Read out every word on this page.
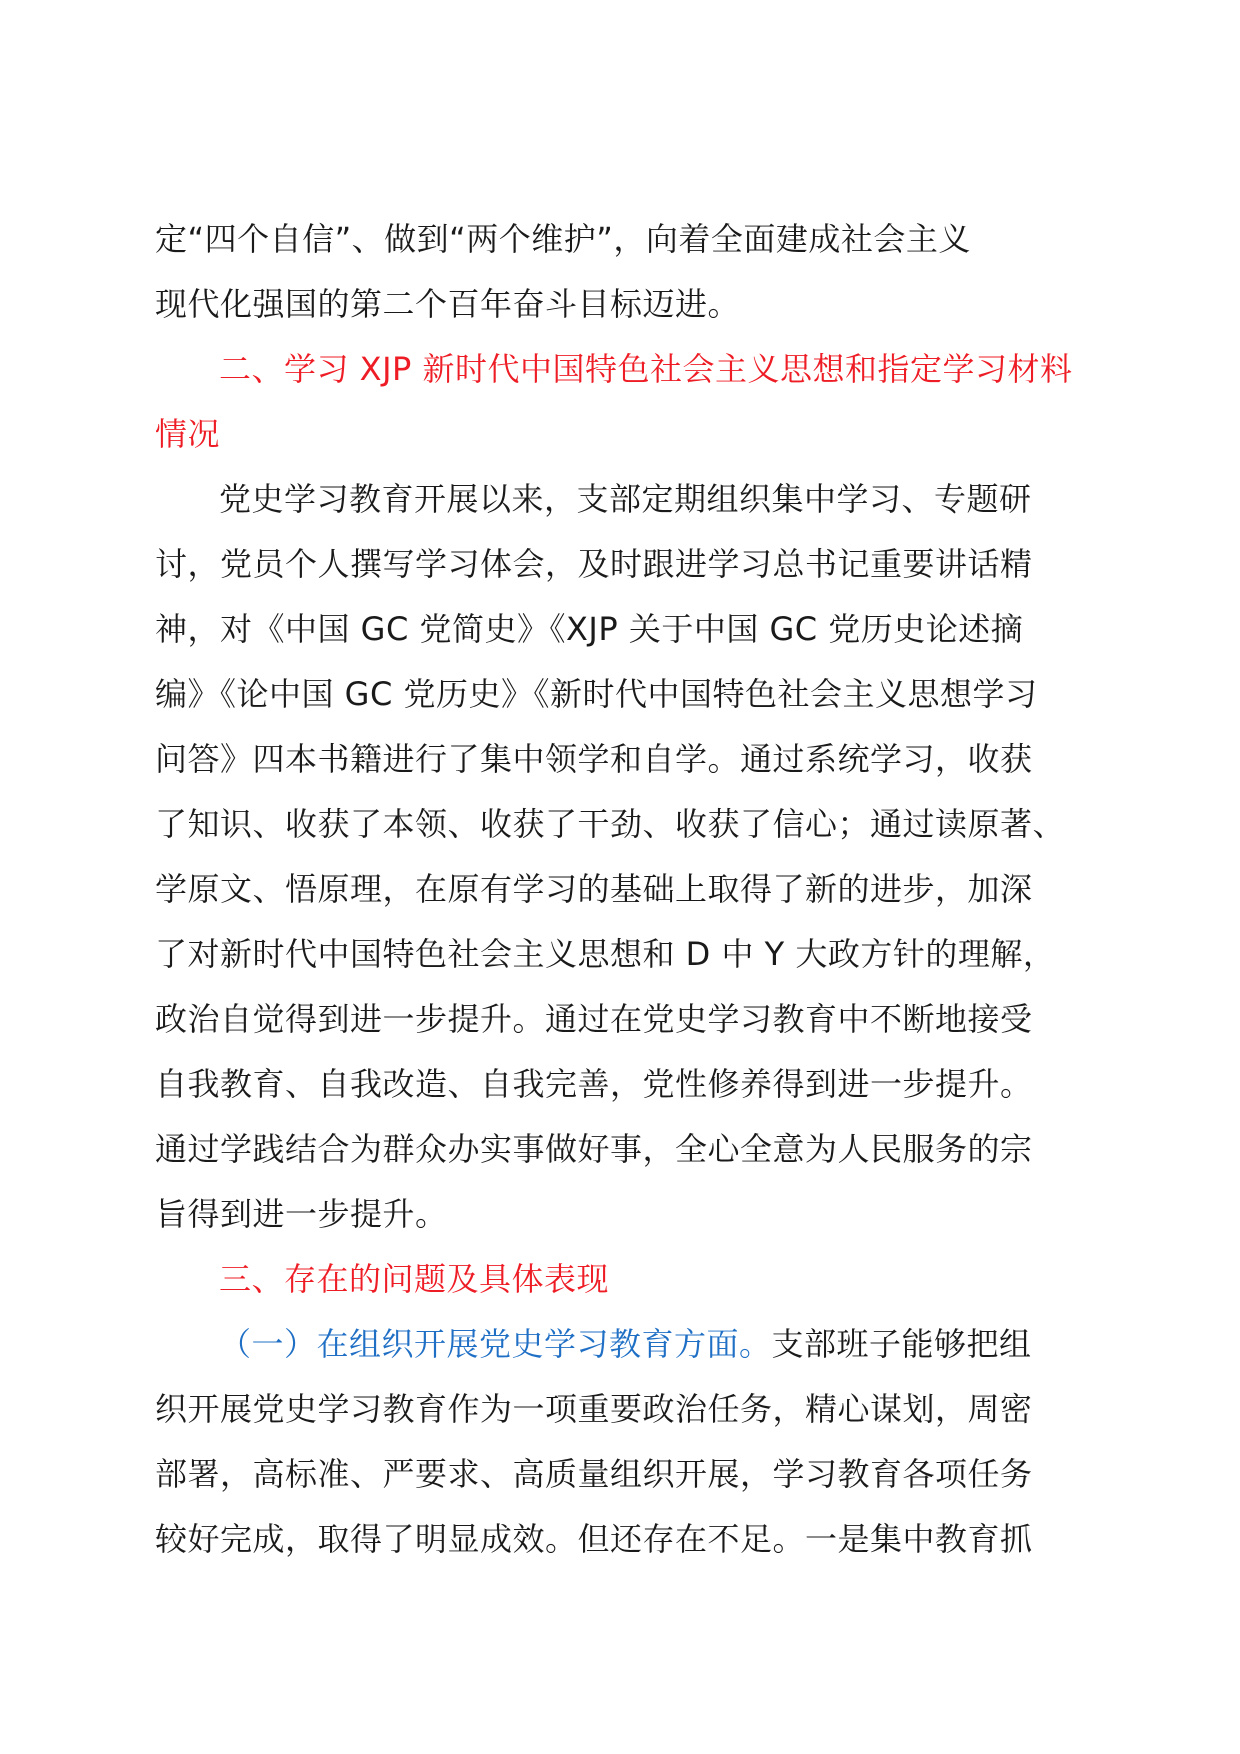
定“四个自信”、做到“两个维护”，向着全面建成社会主义
现代化强国的第二个百年奋斗目标迈进。
二、学习 XJP 新时代中国特色社会主义思想和指定学习材料
情况
党史学习教育开展以来，支部定期组织集中学习、专题研
讨，党员个人撰写学习体会，及时跟进学习总书记重要讲话精
神，对《中国 GC 党简史》《XJP 关于中国 GC 党历史论述摘
编》《论中国 GC 党历史》《新时代中国特色社会主义思想学习
问答》四本书籍进行了集中领学和自学。通过系统学习，收获
了知识、收获了本领、收获了干劲、收获了信心；通过读原著、
学原文、悟原理，在原有学习的基础上取得了新的进步，加深
了对新时代中国特色社会主义思想和 D 中 Y 大政方针的理解，
政治自觉得到进一步提升。通过在党史学习教育中不断地接受
自我教育、自我改造、自我完善，党性修养得到进一步提升。
通过学践结合为群众办实事做好事，全心全意为人民服务的宗
旨得到进一步提升。
三、存在的问题及具体表现
（一）在组织开展党史学习教育方面。支部班子能够把组
织开展党史学习教育作为一项重要政治任务，精心谋划，周密
部署，高标准、严要求、高质量组织开展，学习教育各项任务
较好完成，取得了明显成效。但还存在不足。一是集中教育抓
